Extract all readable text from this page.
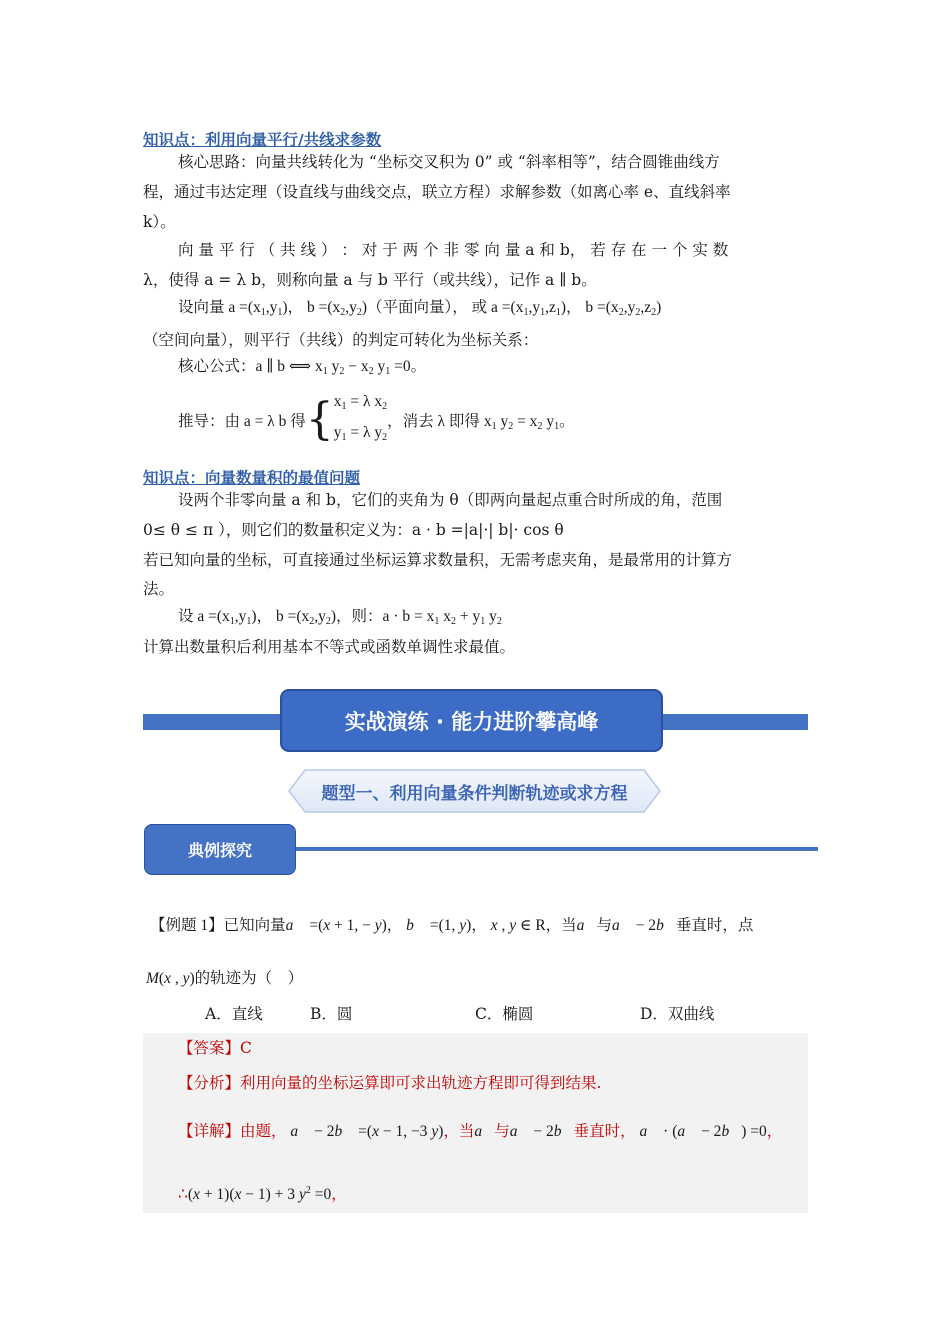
知识点：利用向量平行/共线求参数
核心思路：向量共线转化为 “坐标交叉积为 0” 或 “斜率相等”，结合圆锥曲线方
程，通过韦达定理（设直线与曲线交点，联立方程）求解参数（如离心率 e、直线斜率
k）。
向 量 平 行 （ 共 线 ） ： 对 于 两 个 非 零 向 量 a 和 b， 若 存 在 一 个 实 数
λ，使得 a = λ b，则称向量 a 与 b 平行（或共线），记作 a ∥ b。
设向量 $a =(x_1,y_1)$， $b =(x_2,y_2)$（平面向量）， 或 $a =(x_1,y_1,z_1)$， $b =(x_2,y_2,z_2)$
（空间向量），则平行（共线）的判定可转化为坐标关系：
核心公式：a ∥ b ⟺ $x_1$ $y_2 - x_2$ $y_1 =0$。
推导：由 a = λ b 得 { $x_1 = \lambda$ $x_2$
$y_1 = \lambda$ $y_2$
，消去 λ 即得 $x_1$ $y_2 = x_2$ $y_1$。
知识点：向量数量积的最值问题
设两个非零向量 a 和 b，它们的夹角为 θ（即两向量起点重合时所成的角，范围
0≤ θ ≤ π ），则它们的数量积定义为：a · b =|a|·| b|· cos θ
若已知向量的坐标，可直接通过坐标运算求数量积，无需考虑夹角，是最常用的计算方
法。
设 $a =(x_1,y_1)$， $b =(x_2,y_2)$，则：$a \cdot b = x_1$ $x_2 + y_1$ $y_2$
计算出数量积后利用基本不等式或函数单调性求最值。
实战演练 · 能力进阶攀高峰
题型一、利用向量条件判断轨迹或求方程
典例探究
【例题 1】已知向量a⃗ =(x + 1, − y)， b⃗ =(1, y)， x , y ∈ R，当a⃗与a⃗ − 2b⃗垂直时，点
M(x , y)的轨迹为（　）
A．直线	B．圆	C．椭圆	D．双曲线
【答案】C
【分析】利用向量的坐标运算即可求出轨迹方程即可得到结果.
【详解】由题， a⃗ − 2b⃗ =(x − 1, −3 y)，当a⃗与a⃗ − 2b⃗垂直时， a⃗ · (a⃗ − 2b⃗) =0，
∴(x + 1)(x − 1) + 3 $y^2 =0$，
